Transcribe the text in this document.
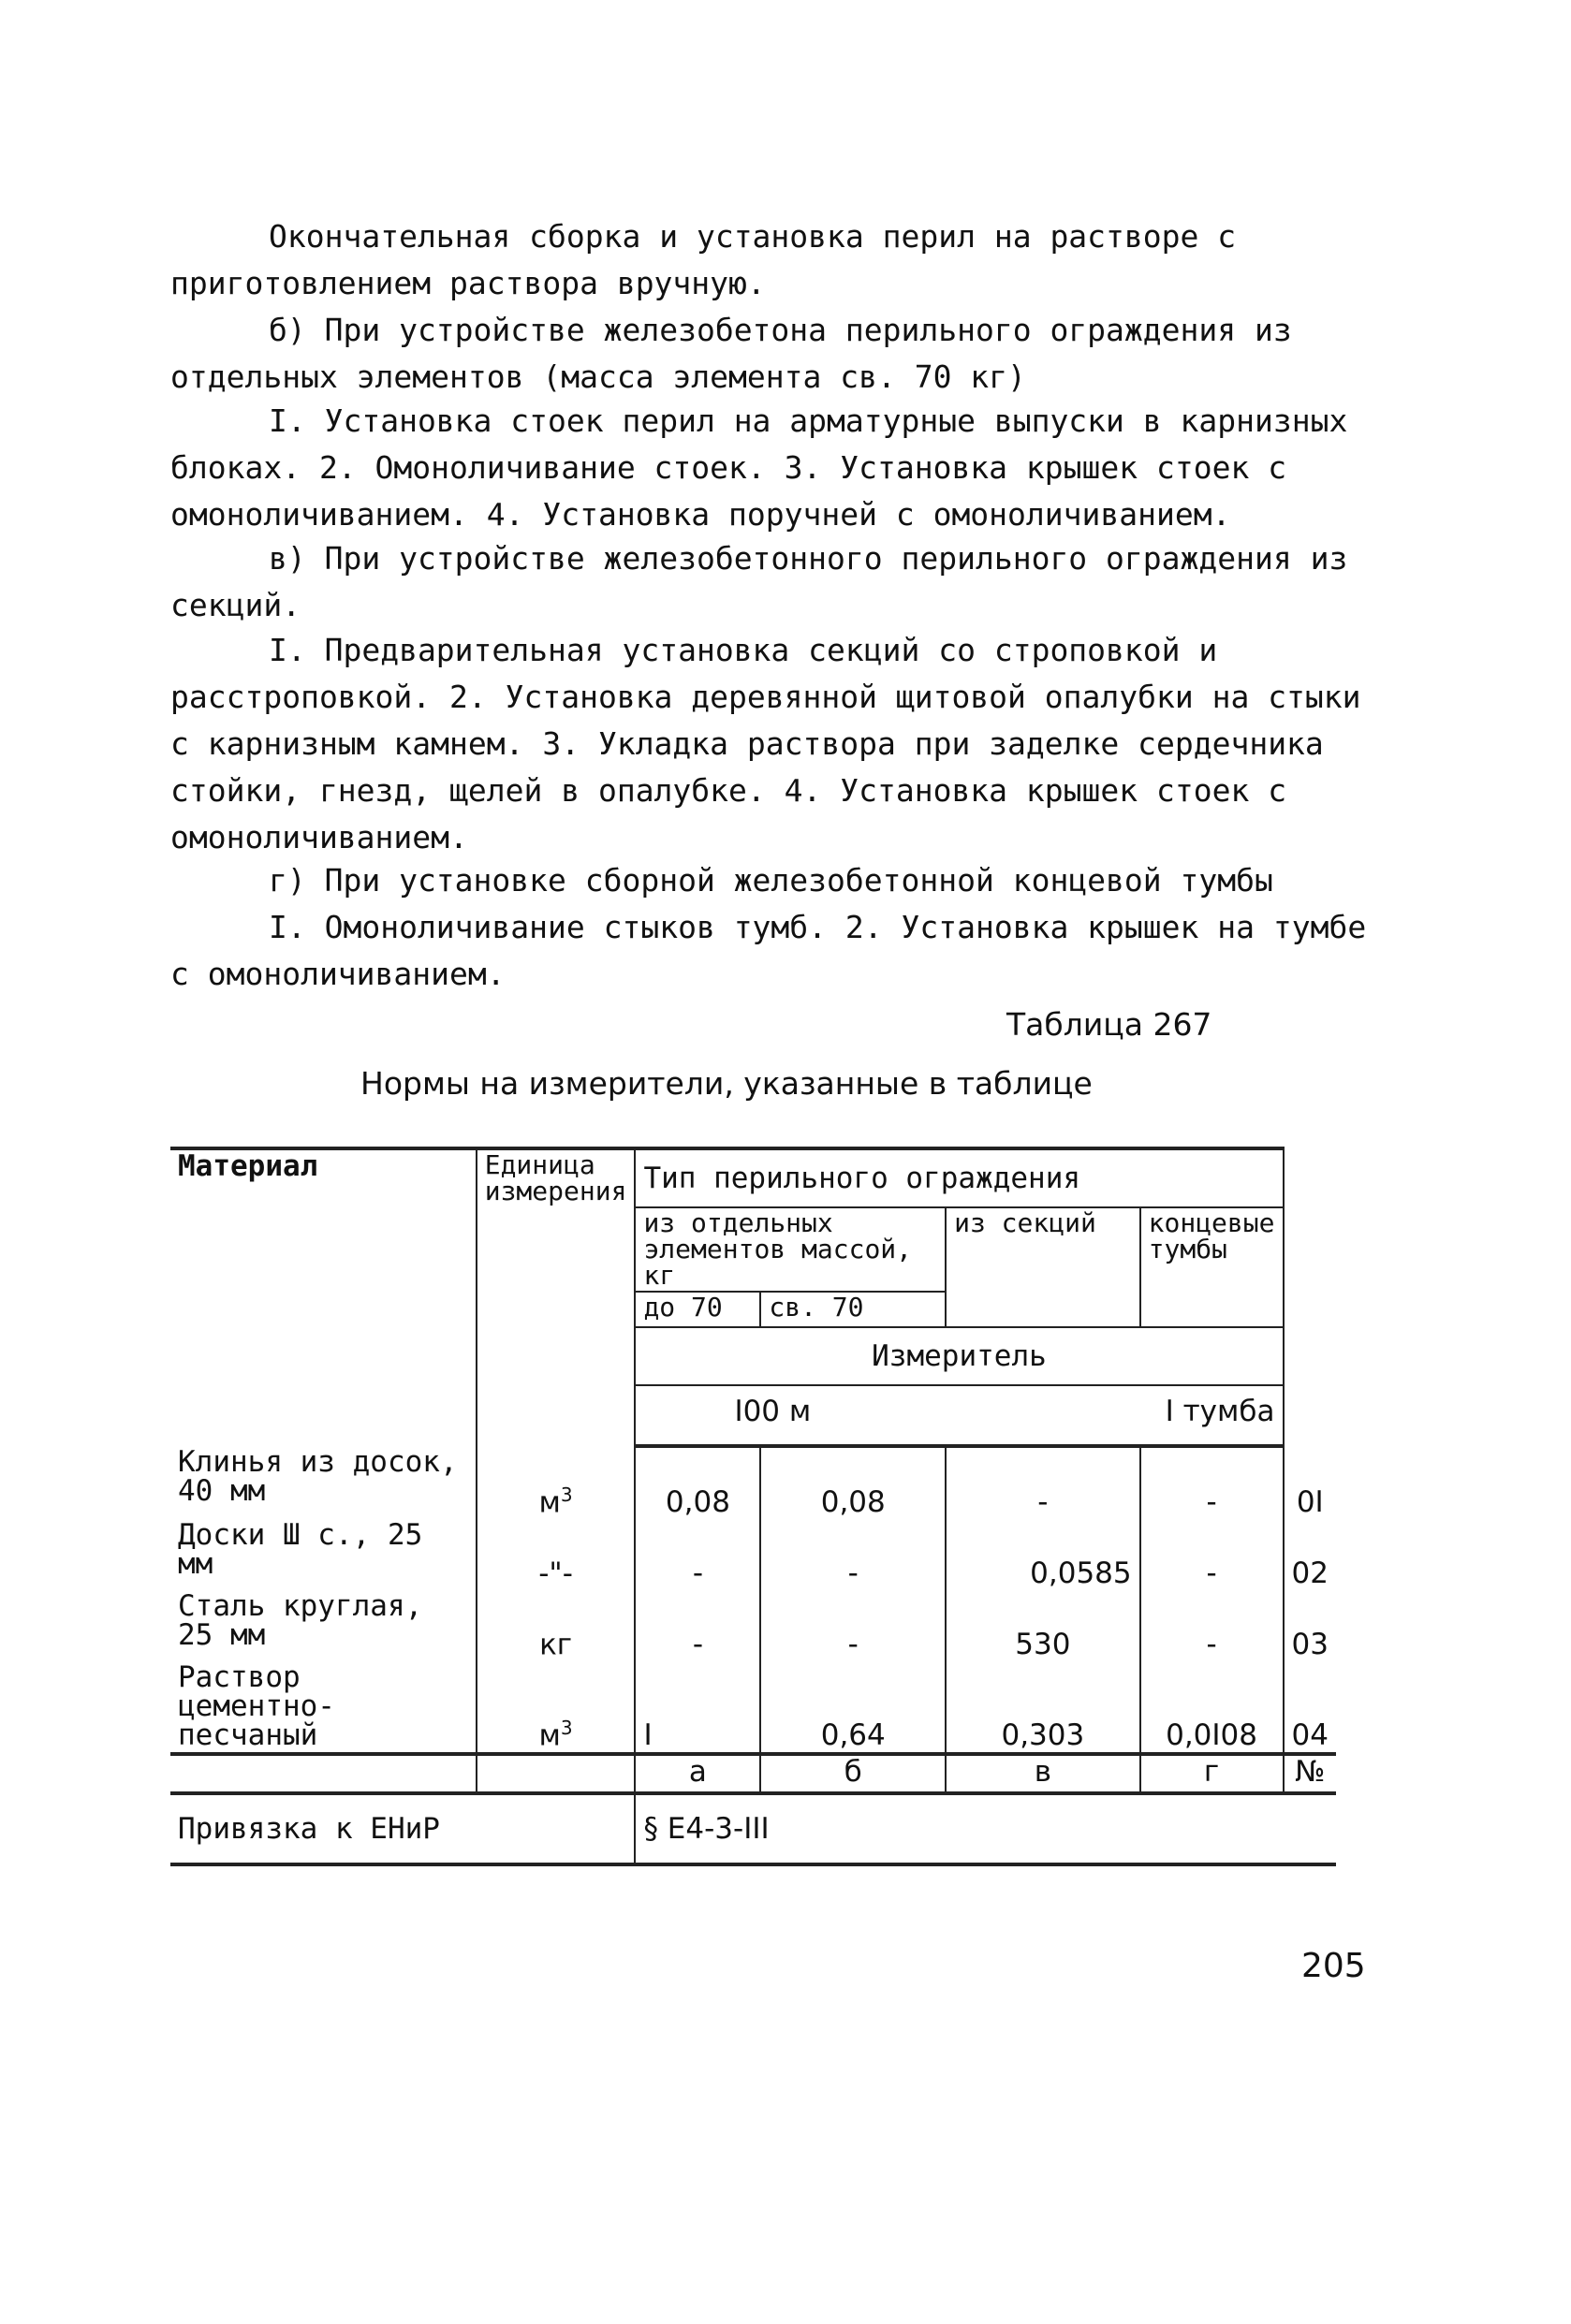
Окончательная сборка и установка перил на растворе с приготовлением раствора вручную.

б) При устройстве железобетона перильного ограждения из отдельных элементов (масса элемента св. 70 кг)

I. Установка стоек перил на арматурные выпуски в карнизных блоках. 2. Омоноличивание стоек. 3. Установка крышек стоек с омоноличиванием. 4. Установка поручней с омоноличиванием.

в) При устройстве железобетонного перильного ограждения из секций.

I. Предварительная установка секций со строповкой и расстроповкой. 2. Установка деревянной щитовой опалубки на стыки с карнизным камнем. 3. Укладка раствора при заделке сердечника стойки, гнезд, щелей в опалубке. 4. Установка крышек стоек с омоноличиванием.

г) При установке сборной железобетонной концевой тумбы

I. Омоноличивание стыков тумб. 2. Установка крышек на тумбе с омоноличиванием.

Таблица 267
Нормы на измерители, указанные в таблице
Материал	Единица измерения	Тип перильного ограждения				
		из отдельных элементов массой, кг		из секций	концевые тумбы	
		до 70	св. 70			
		Измеритель				

		I00 м I тумба				

Клинья из досок, 40 мм	$м^3$	0,08	0,08	-	-	0I
Доски Ш с., 25 мм	-"-	-	-	0,0585	-	02
Сталь круглая, 25 мм	кг	-	-	530	-	03
Раствор цементно-песчаный	$м^3$	I	0,64	0,303	0,0I08	04
		а	б	в	г	№
Привязка к ЕНиР		§ Е4-3-III				
205
